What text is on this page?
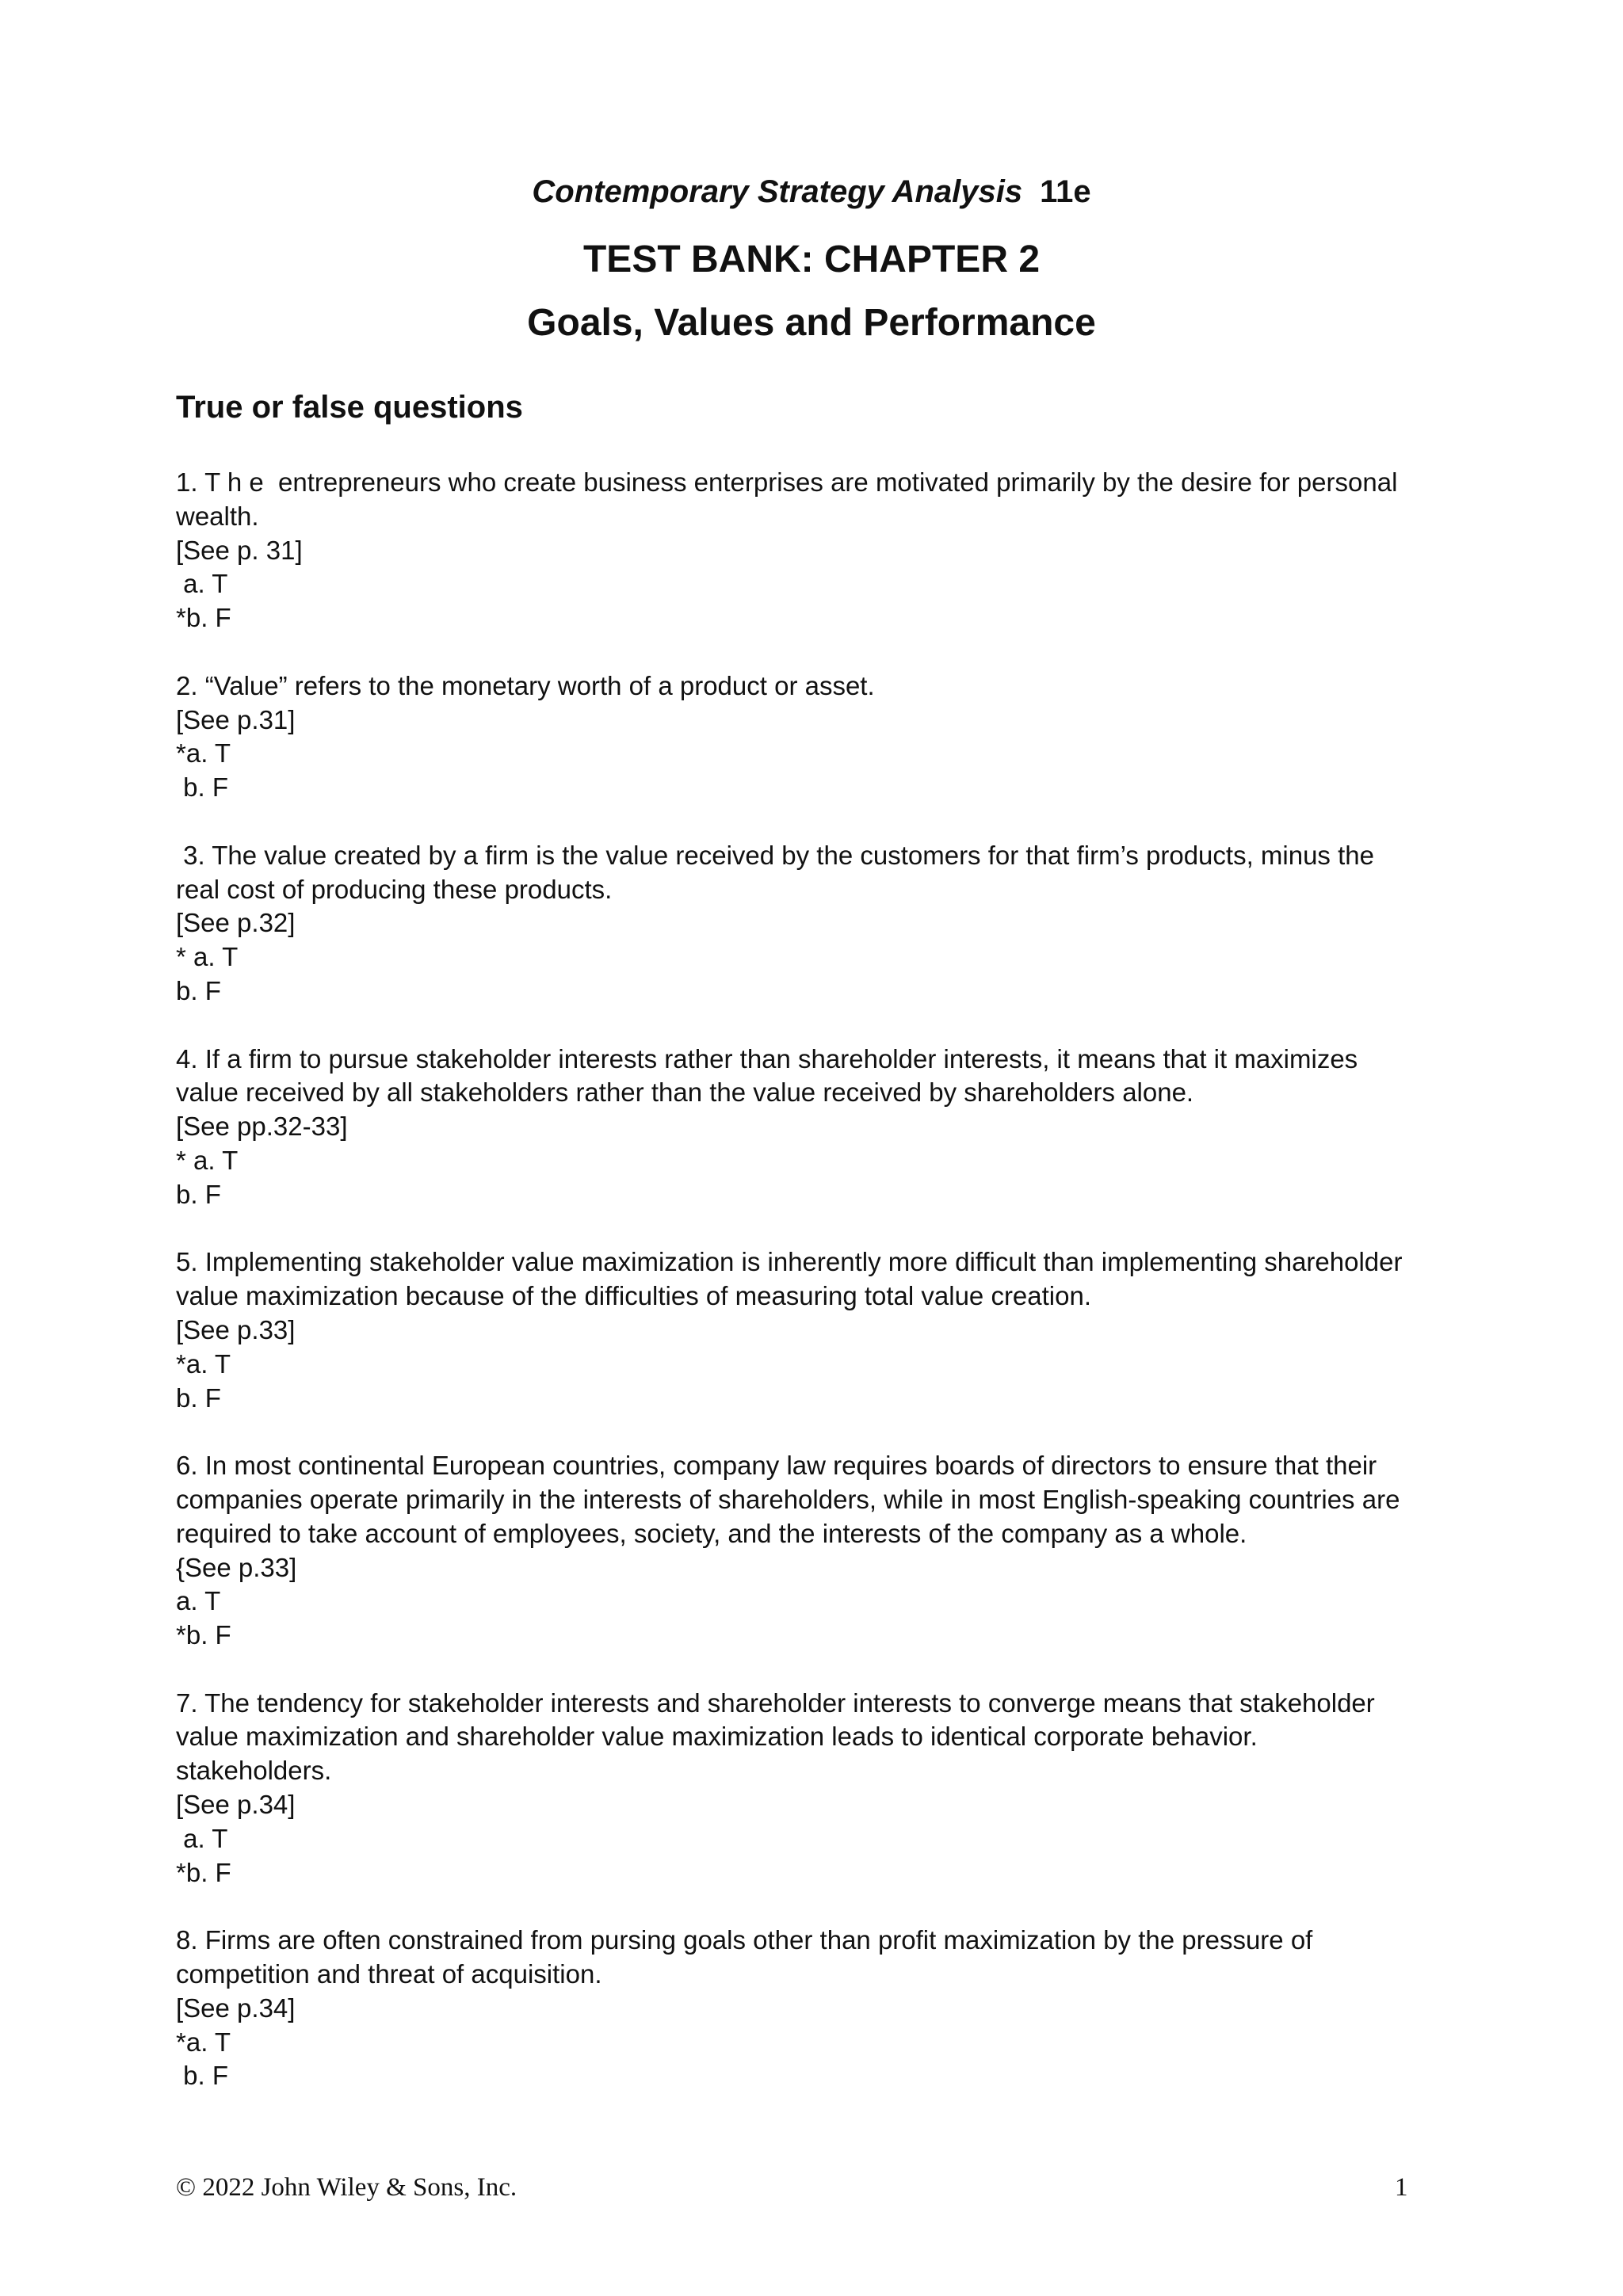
Contemporary Strategy Analysis 11e
TEST BANK: CHAPTER 2
Goals, Values and Performance
True or false questions

1. T h e  entrepreneurs who create business enterprises are motivated primarily by the desire for personal

wealth.

[See p. 31]

a. T

*b. F

2. “Value” refers to the monetary worth of a product or asset.

[See p.31]

*a. T

b. F

3. The value created by a firm is the value received by the customers for that firm’s products, minus the

real cost of producing these products.

[See p.32]

* a. T

b. F

4. If a firm to pursue stakeholder interests rather than shareholder interests, it means that it maximizes

value received by all stakeholders rather than the value received by shareholders alone.

[See pp.32-33]

* a. T

b. F

5. Implementing stakeholder value maximization is inherently more difficult than implementing shareholder

value maximization because of the difficulties of measuring total value creation.

[See p.33]

*a. T

b. F

6. In most continental European countries, company law requires boards of directors to ensure that their

companies operate primarily in the interests of shareholders, while in most English-speaking countries are

required to take account of employees, society, and the interests of the company as a whole.

{See p.33]

a. T

*b. F

7. The tendency for stakeholder interests and shareholder interests to converge means that stakeholder

value maximization and shareholder value maximization leads to identical corporate behavior.

stakeholders.

[See p.34]

a. T

*b. F

8. Firms are often constrained from pursing goals other than profit maximization by the pressure of

competition and threat of acquisition.

[See p.34]

*a. T

b. F

© 2022 John Wiley & Sons, Inc.	1
